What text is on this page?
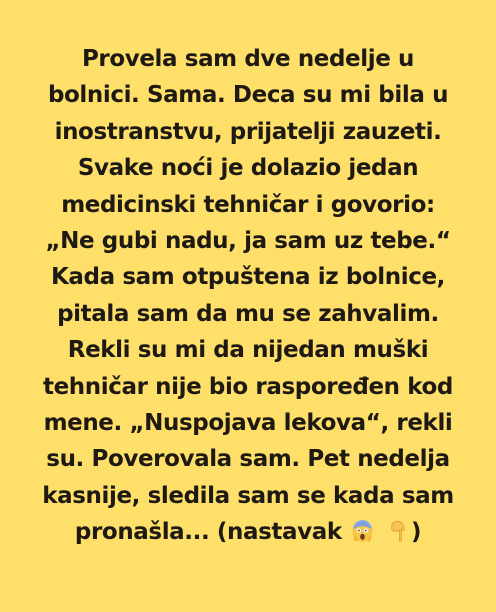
Provela sam dve nedelje u
bolnici. Sama. Deca su mi bila u
inostranstvu, prijatelji zauzeti.
Svake noći je dolazio jedan
medicinski tehničar i govorio:
„Ne gubi nadu, ja sam uz tebe.“
Kada sam otpuštena iz bolnice,
pitala sam da mu se zahvalim.
Rekli su mi da nijedan muški
tehničar nije bio raspoređen kod
mene. „Nuspojava lekova“, rekli
su. Poverovala sam. Pet nedelja
kasnije, sledila sam se kada sam
pronašla... (nastavak	)
